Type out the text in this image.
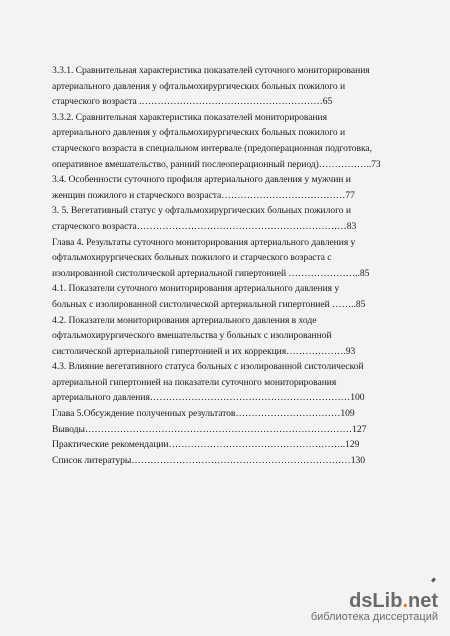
3.3.1. Сравнительная характеристика показателей суточного мониторирования
артериального давления у офтальмохирургических больных пожилого и
старческого возраста .…………………………………………………65
3.3.2. Сравнительная характеристика показателей мониторирования
артериального давления у офтальмохирургических больных пожилого и
старческого возраста в специальном интервале (предоперационная подготовка,
оперативное вмешательство, ранний послеоперационный период)……………..73
3.4. Особенности суточного профиля артериального давления у мужчин и
женщин пожилого и старческого возраста…………………………………77
3. 5. Вегетативный статус у офтальмохирургических больных пожилого и
старческого возраста…………………………………………………………83
Глава 4. Результаты суточного мониторирования артериального давления у
офтальмохирургических больных пожилого и старческого возраста с
изолированной систолической артериальной гипертонией …………………..85
4.1. Показатели суточного мониторирования артериального давления у
больных с изолированной систолической артериальной гипертонией ……..85
4.2. Показатели мониторирования артериального давления в ходе
офтальмохирургического вмешательства у больных с изолированной
систолической артериальной гипертонией и их коррекция……………….93
4.3. Влияние вегетативного статуса больных с изолированной систолической
артериальной гипертонией на показатели суточного мониторирования
артериального давления………………………………………………………100
Глава 5.Обсуждение полученных результатов……………………………109
Выводы…………………………………………………………………………127
Практические рекомендации………………………………………………..129
Список литературы……………………………………………………………130
dsLib.net
библиотека диссертаций
